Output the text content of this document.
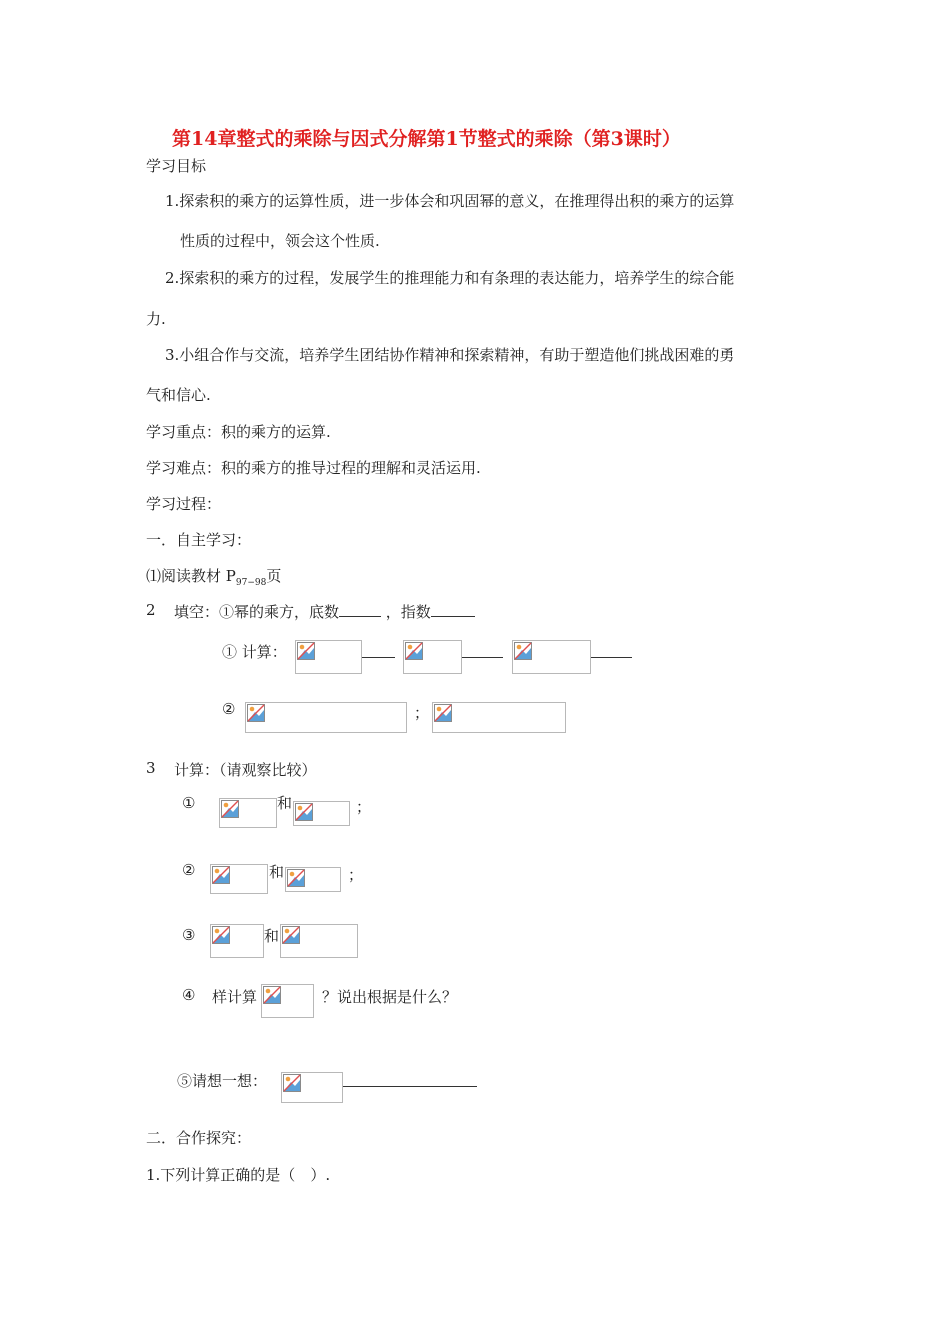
第14章整式的乘除与因式分解第1节整式的乘除（第3课时）
学习目标
1.探索积的乘方的运算性质，进一步体会和巩固幂的意义，在推理得出积的乘方的运算
性质的过程中，领会这个性质.
2.探索积的乘方的过程，发展学生的推理能力和有条理的表达能力，培养学生的综合能
力.
3.小组合作与交流，培养学生团结协作精神和探索精神，有助于塑造他们挑战困难的勇
气和信心.
学习重点：积的乘方的运算.
学习难点：积的乘方的推导过程的理解和灵活运用.
学习过程：
一．自主学习：
⑴阅读教材 $P_{97-98}$页
2 填空：①幂的乘方，底数	，指数
① 计算：
②	；
3 计算：（请观察比较）
①	和	；
②	和	；
③	和
④ 样计算	？说出根据是什么？
⑤请想一想：
二．合作探究：
1.下列计算正确的是（　）.
